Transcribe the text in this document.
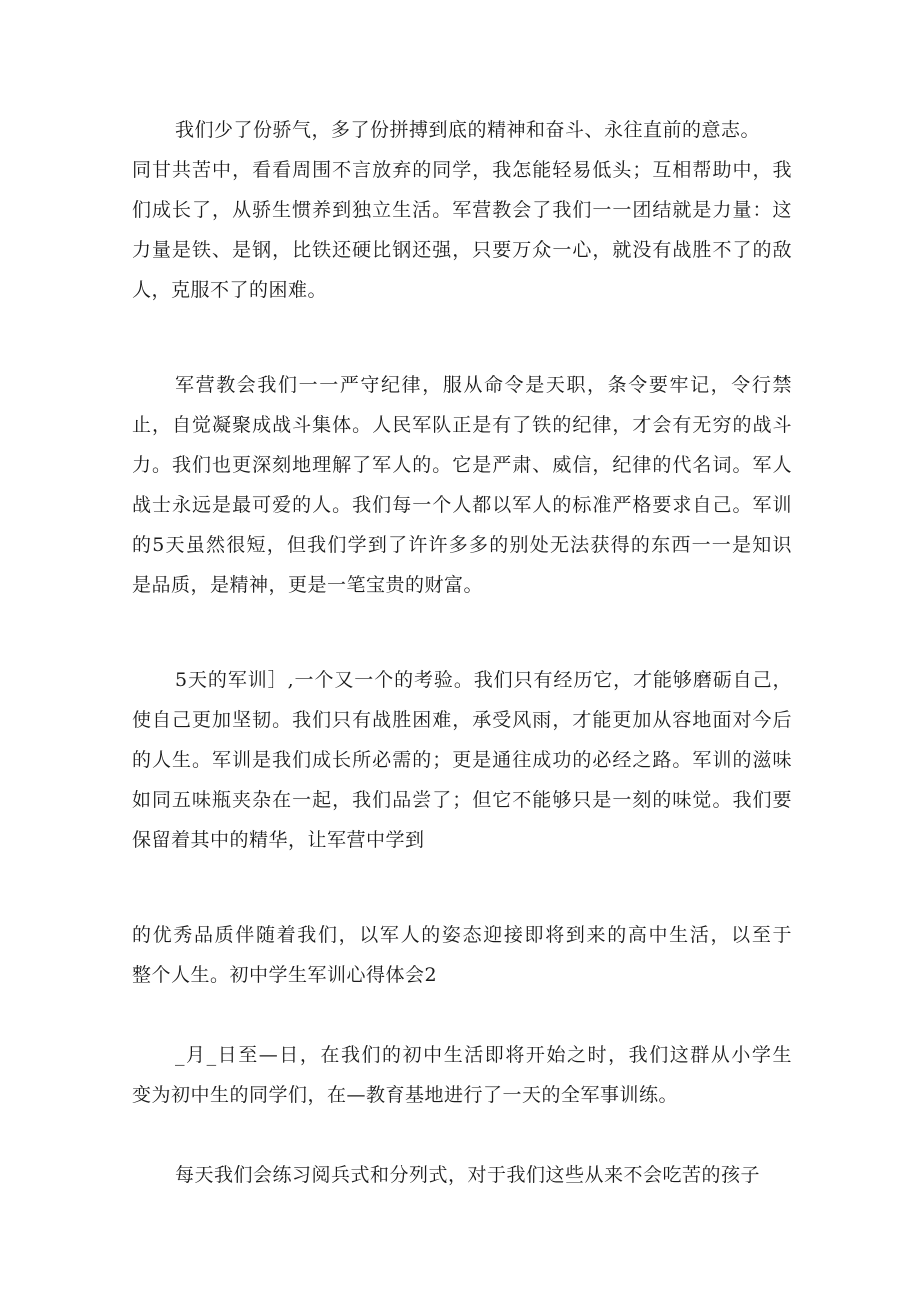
我们少了份骄气，多了份拼搏到底的精神和奋斗、永往直前的意志。
同甘共苦中，看看周围不言放弃的同学，我怎能轻易低头；互相帮助中，我
们成长了，从骄生惯养到独立生活。军营教会了我们一一团结就是力量：这
力量是铁、是钢，比铁还硬比钢还强，只要万众一心，就没有战胜不了的敌
人，克服不了的困难。
军营教会我们一一严守纪律，服从命令是天职，条令要牢记，令行禁
止，自觉凝聚成战斗集体。人民军队正是有了铁的纪律，才会有无穷的战斗
力。我们也更深刻地理解了军人的。它是严肃、威信，纪律的代名词。军人
战士永远是最可爱的人。我们每一个人都以军人的标准严格要求自己。军训
的5天虽然很短，但我们学到了许许多多的别处无法获得的东西一一是知识
是品质，是精神，更是一笔宝贵的财富。
5天的军训］,一个又一个的考验。我们只有经历它，才能够磨砺自己，
使自己更加坚韧。我们只有战胜困难，承受风雨，才能更加从容地面对今后
的人生。军训是我们成长所必需的；更是通往成功的必经之路。军训的滋味
如同五味瓶夹杂在一起，我们品尝了；但它不能够只是一刻的味觉。我们要
保留着其中的精华，让军营中学到
的优秀品质伴随着我们，以军人的姿态迎接即将到来的高中生活，以至于
整个人生。初中学生军训心得体会2
_月_日至—日，在我们的初中生活即将开始之时，我们这群从小学生
变为初中生的同学们，在—教育基地进行了一天的全军事训练。
每天我们会练习阅兵式和分列式，对于我们这些从来不会吃苦的孩子
